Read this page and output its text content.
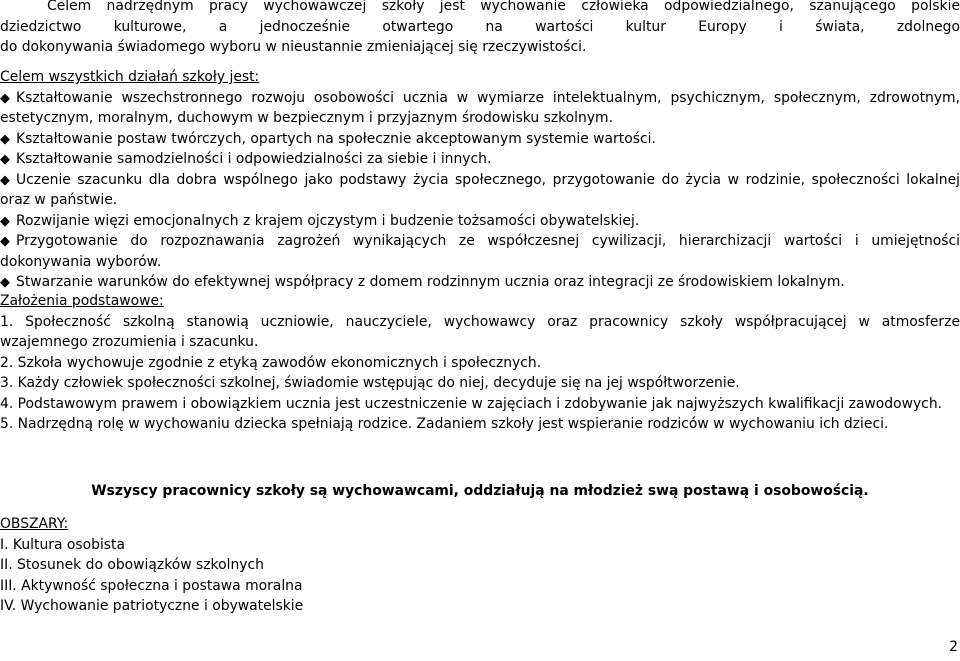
Celem nadrzędnym pracy wychowawczej szkoły jest wychowanie człowieka odpowiedzialnego, szanującego polskie

dziedzictwo kulturowe, a jednocześnie otwartego na wartości kultur Europy i świata, zdolnego

do dokonywania świadomego wyboru w nieustannie zmieniającej się rzeczywistości.

Celem wszystkich działań szkoły jest:

◆ Kształtowanie wszechstronnego rozwoju osobowości ucznia w wymiarze intelektualnym, psychicznym, społecznym, zdrowotnym, estetycznym, moralnym, duchowym w bezpiecznym i przyjaznym środowisku szkolnym.

◆ Kształtowanie postaw twórczych, opartych na społecznie akceptowanym systemie wartości.

◆ Kształtowanie samodzielności i odpowiedzialności za siebie i innych.

◆ Uczenie szacunku dla dobra wspólnego jako podstawy życia społecznego, przygotowanie do życia w rodzinie, społeczności lokalnej oraz w państwie.

◆ Rozwijanie więzi emocjonalnych z krajem ojczystym i budzenie tożsamości obywatelskiej.

◆ Przygotowanie do rozpoznawania zagrożeń wynikających ze współczesnej cywilizacji, hierarchizacji wartości i umiejętności dokonywania wyborów.

◆ Stwarzanie warunków do efektywnej współpracy z domem rodzinnym ucznia oraz integracji ze środowiskiem lokalnym.

Założenia podstawowe:

1. Społeczność szkolną stanowią uczniowie, nauczyciele, wychowawcy oraz pracownicy szkoły współpracującej w atmosferze wzajemnego zrozumienia i szacunku.

2. Szkoła wychowuje zgodnie z etyką zawodów ekonomicznych i społecznych.

3. Każdy człowiek społeczności szkolnej, świadomie wstępując do niej, decyduje się na jej współtworzenie.

4. Podstawowym prawem i obowiązkiem ucznia jest uczestniczenie w zajęciach i zdobywanie jak najwyższych kwalifikacji zawodowych.

5. Nadrzędną rolę w wychowaniu dziecka spełniają rodzice. Zadaniem szkoły jest wspieranie rodziców w wychowaniu ich dzieci.

Wszyscy pracownicy szkoły są wychowawcami, oddziałują na młodzież swą postawą i osobowością.

OBSZARY:

I. Kultura osobista

II. Stosunek do obowiązków szkolnych

III. Aktywność społeczna i postawa moralna

IV. Wychowanie patriotyczne i obywatelskie

2
